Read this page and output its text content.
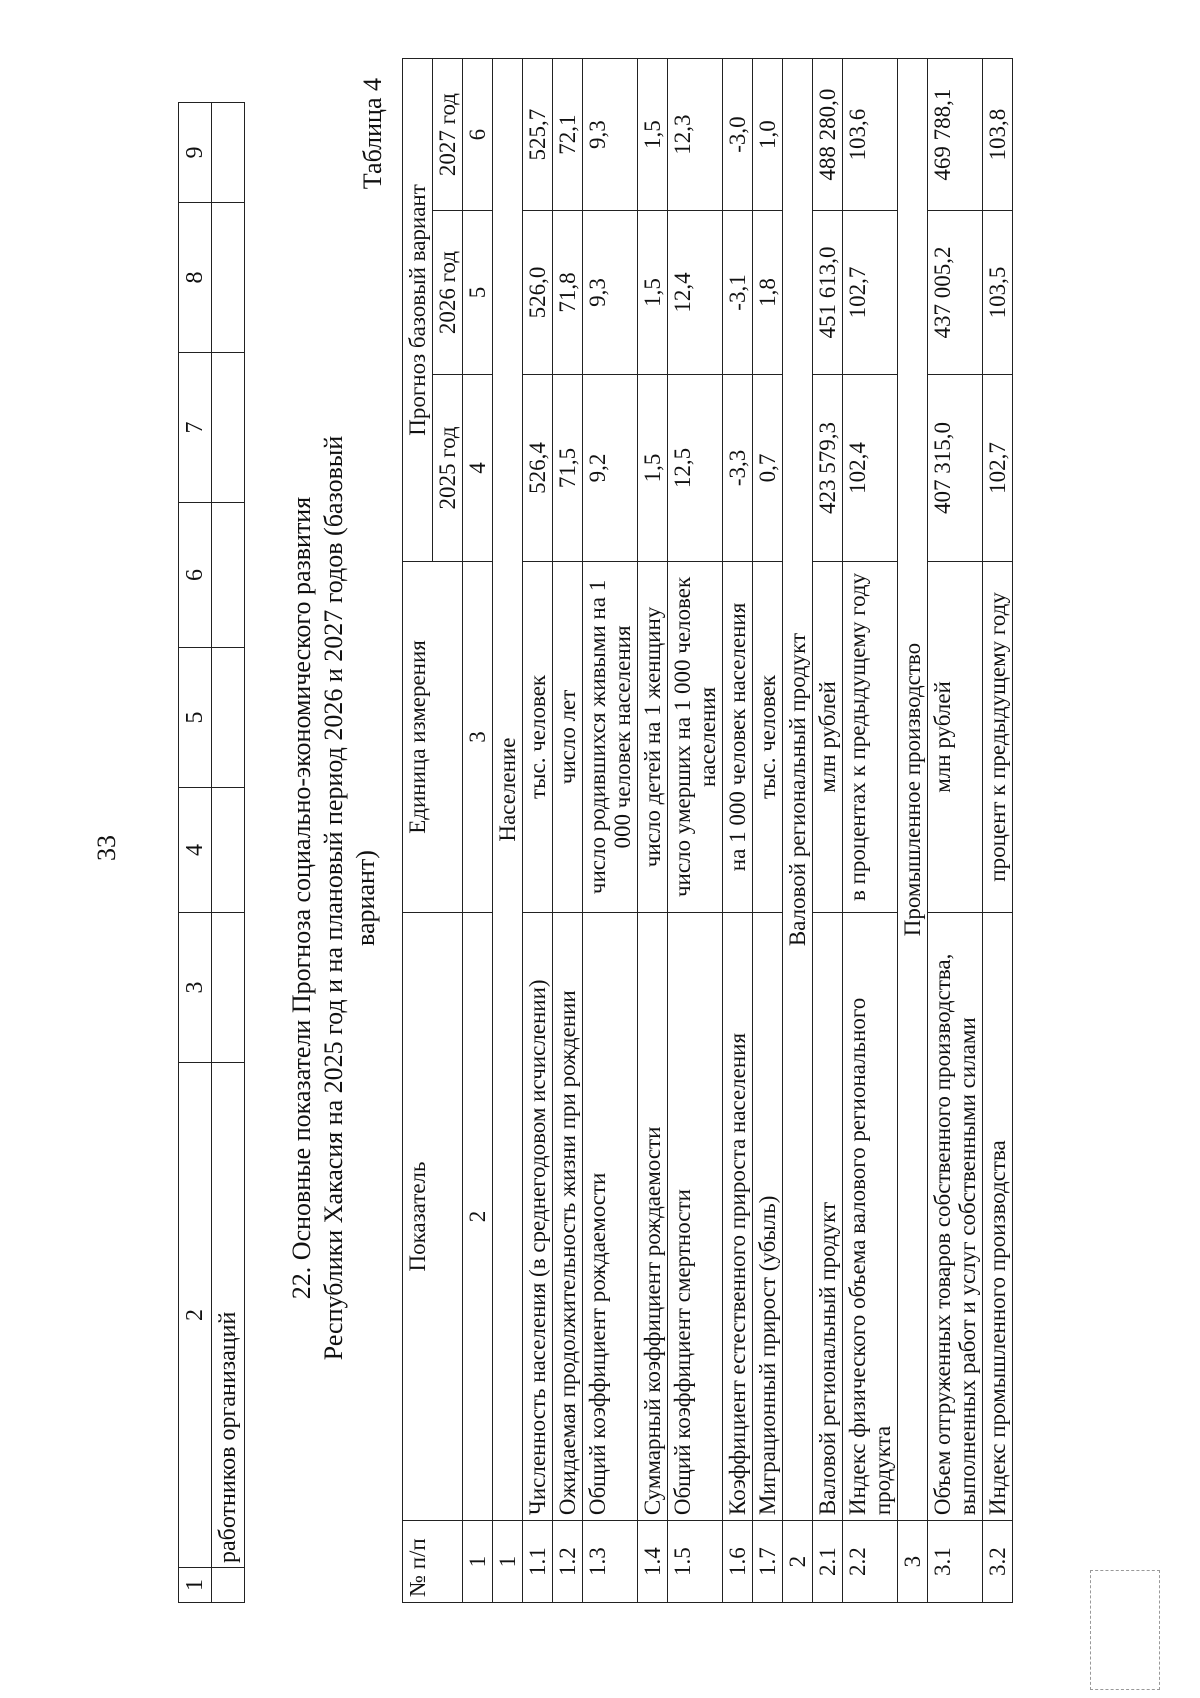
33
1	2	3	4	5	6	7	8	9
	работников организаций							
22. Основные показатели Прогноза социально-экономического развития Республики Хакасия на 2025 год и на плановый период 2026 и 2027 годов (базовый вариант)
Таблица 4
№ п/п	Показатель	Единица измерения	Прогноз базовый вариант		
			2025 год	2026 год	2027 год
1	2	3	4	5	6
1	Население				
1.1	Численность населения (в среднегодовом исчислении)	тыс. человек	526,4	526,0	525,7
1.2	Ожидаемая продолжительность жизни при рождении	число лет	71,5	71,8	72,1
1.3	Общий коэффициент рождаемости	число родившихся живыми на 1 000 человек населения	9,2	9,3	9,3
1.4	Суммарный коэффициент рождаемости	число детей на 1 женщину	1,5	1,5	1,5
1.5	Общий коэффициент смертности	число умерших на 1 000 человек населения	12,5	12,4	12,3
1.6	Коэффициент естественного прироста населения	на 1 000 человек населения	-3,3	-3,1	-3,0
1.7	Миграционный прирост (убыль)	тыс. человек	0,7	1,8	1,0
2	Валовой региональный продукт				
2.1	Валовой региональный продукт	млн рублей	423 579,3	451 613,0	488 280,0
2.2	Индекс физического объема валового регионального продукта	в процентах к предыдущему году	102,4	102,7	103,6
3	Промышленное производство				
3.1	Объем отгруженных товаров собственного производства, выполненных работ и услуг собственными силами	млн рублей	407 315,0	437 005,2	469 788,1
3.2	Индекс промышленного производства	процент к предыдущему году	102,7	103,5	103,8
